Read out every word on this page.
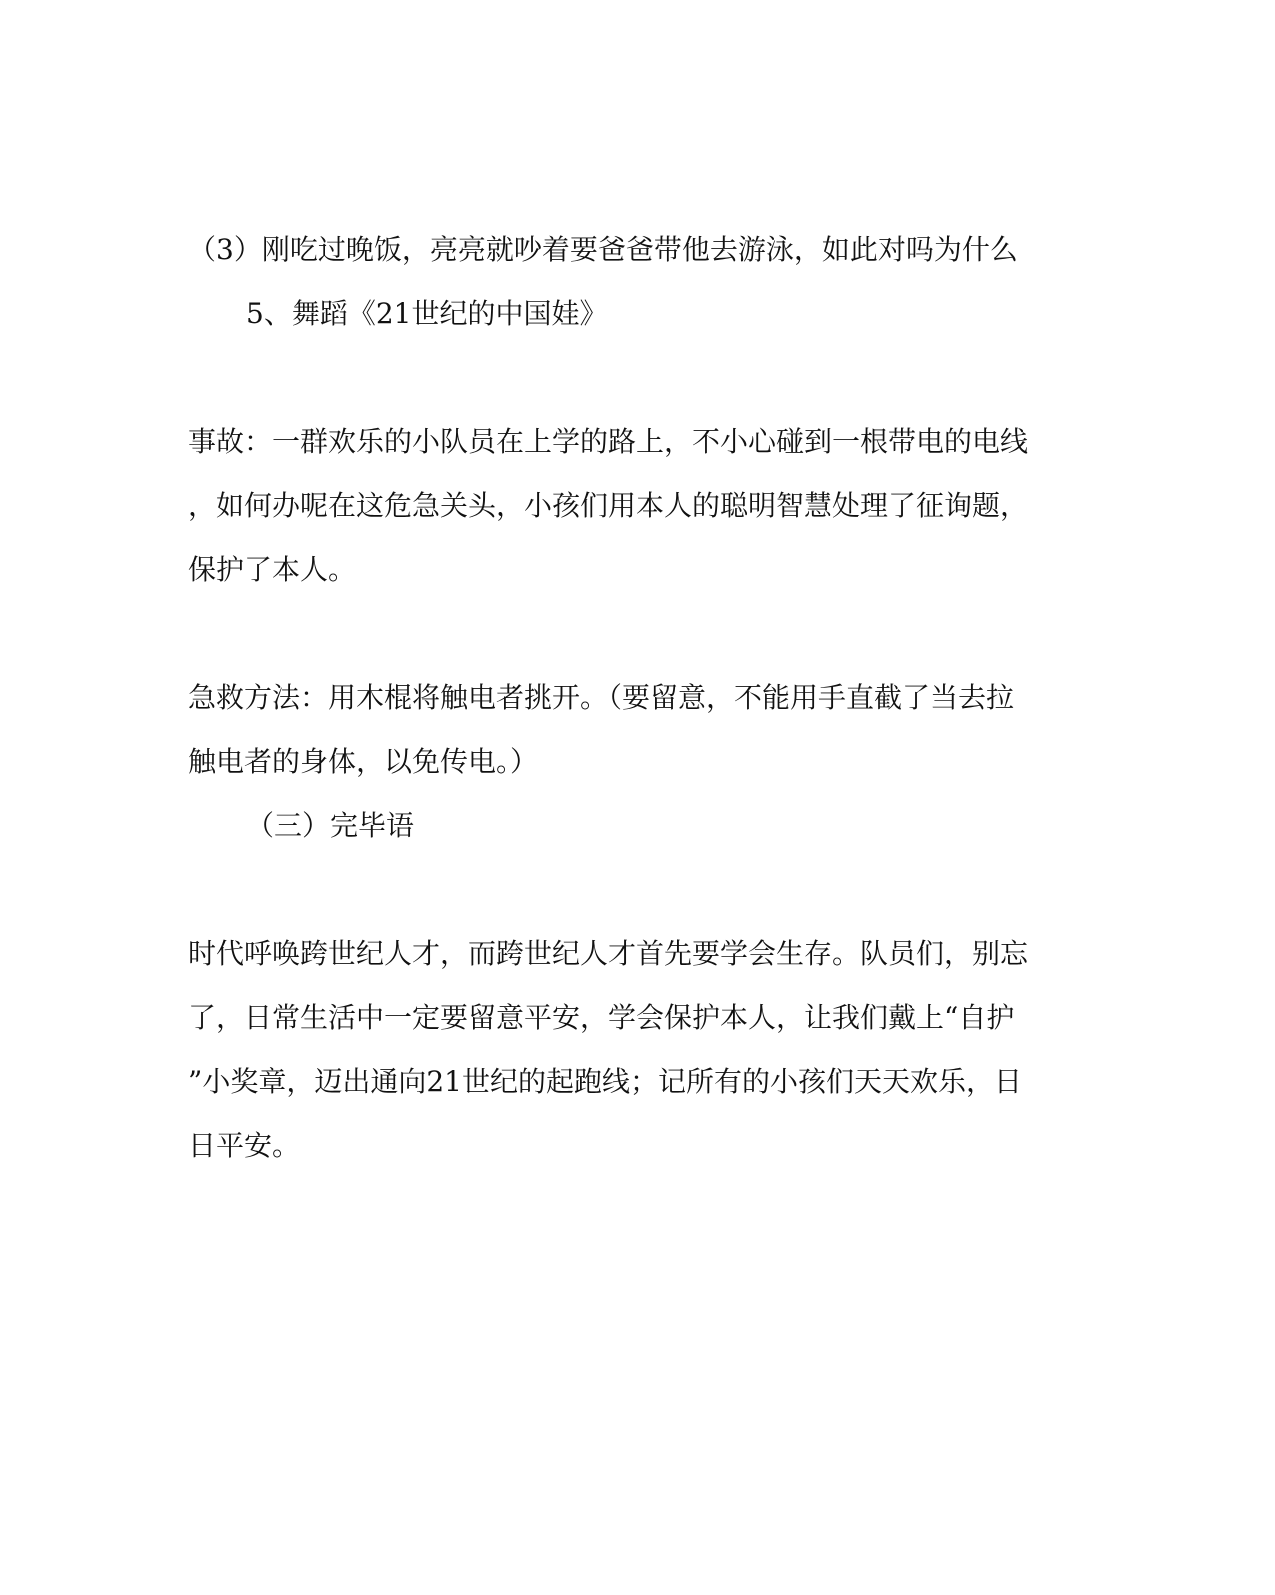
（3）刚吃过晚饭，亮亮就吵着要爸爸带他去游泳，如此对吗为什么
5、舞蹈《21世纪的中国娃》
事故：一群欢乐的小队员在上学的路上，不小心碰到一根带电的电线
，如何办呢在这危急关头，小孩们用本人的聪明智慧处理了征询题，
保护了本人。
急救方法：用木棍将触电者挑开。（要留意，不能用手直截了当去拉
触电者的身体，以免传电。）
（三）完毕语
时代呼唤跨世纪人才，而跨世纪人才首先要学会生存。队员们，别忘
了，日常生活中一定要留意平安，学会保护本人，让我们戴上“自护
”小奖章，迈出通向21世纪的起跑线；记所有的小孩们天天欢乐，日
日平安。
